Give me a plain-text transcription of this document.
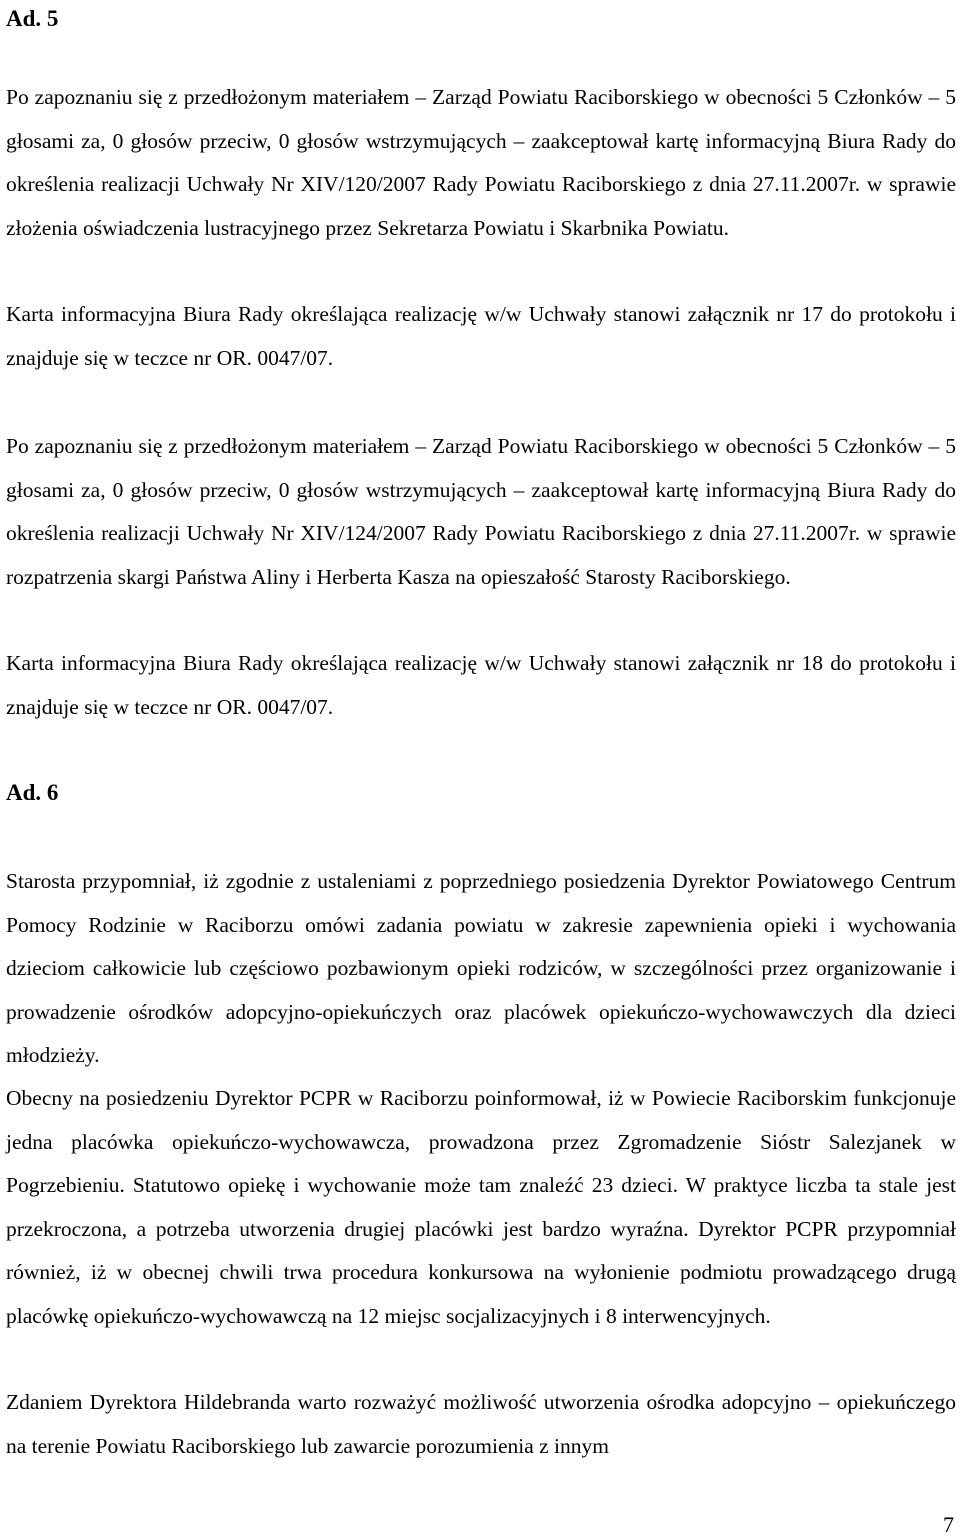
Ad. 5

Po zapoznaniu się z przedłożonym materiałem – Zarząd Powiatu Raciborskiego w obecności 5 Członków – 5 głosami za, 0 głosów przeciw, 0 głosów wstrzymujących – zaakceptował kartę informacyjną Biura Rady do określenia realizacji Uchwały Nr XIV/120/2007 Rady Powiatu Raciborskiego z dnia 27.11.2007r. w sprawie złożenia oświadczenia lustracyjnego przez Sekretarza Powiatu i Skarbnika Powiatu.

Karta informacyjna Biura Rady określająca realizację w/w Uchwały stanowi załącznik nr 17 do protokołu i znajduje się w teczce nr OR. 0047/07.

Po zapoznaniu się z przedłożonym materiałem – Zarząd Powiatu Raciborskiego w obecności 5 Członków – 5 głosami za, 0 głosów przeciw, 0 głosów wstrzymujących – zaakceptował kartę informacyjną Biura Rady do określenia realizacji Uchwały Nr XIV/124/2007 Rady Powiatu Raciborskiego z dnia 27.11.2007r. w sprawie rozpatrzenia skargi Państwa Aliny i Herberta Kasza na opieszałość Starosty Raciborskiego.

Karta informacyjna Biura Rady określająca realizację w/w Uchwały stanowi załącznik nr 18 do protokołu i znajduje się w teczce nr OR. 0047/07.

Ad. 6

Starosta przypomniał, iż zgodnie z ustaleniami z poprzedniego posiedzenia Dyrektor Powiatowego Centrum Pomocy Rodzinie w Raciborzu omówi zadania powiatu w zakresie zapewnienia opieki i wychowania dzieciom całkowicie lub częściowo pozbawionym opieki rodziców, w szczególności przez organizowanie i prowadzenie ośrodków adopcyjno-opiekuńczych oraz placówek opiekuńczo-wychowawczych dla dzieci młodzieży.

Obecny na posiedzeniu Dyrektor PCPR w Raciborzu poinformował, iż w Powiecie Raciborskim funkcjonuje jedna placówka opiekuńczo-wychowawcza, prowadzona przez Zgromadzenie Sióstr Salezjanek w Pogrzebieniu. Statutowo opiekę i wychowanie może tam znaleźć 23 dzieci. W praktyce liczba ta stale jest przekroczona, a potrzeba utworzenia drugiej placówki jest bardzo wyraźna. Dyrektor PCPR przypomniał również, iż w obecnej chwili trwa procedura konkursowa na wyłonienie podmiotu prowadzącego drugą placówkę opiekuńczo-wychowawczą na 12 miejsc socjalizacyjnych i 8 interwencyjnych.

Zdaniem Dyrektora Hildebranda warto rozważyć możliwość utworzenia ośrodka adopcyjno – opiekuńczego na terenie Powiatu Raciborskiego lub zawarcie porozumienia z innym

7
